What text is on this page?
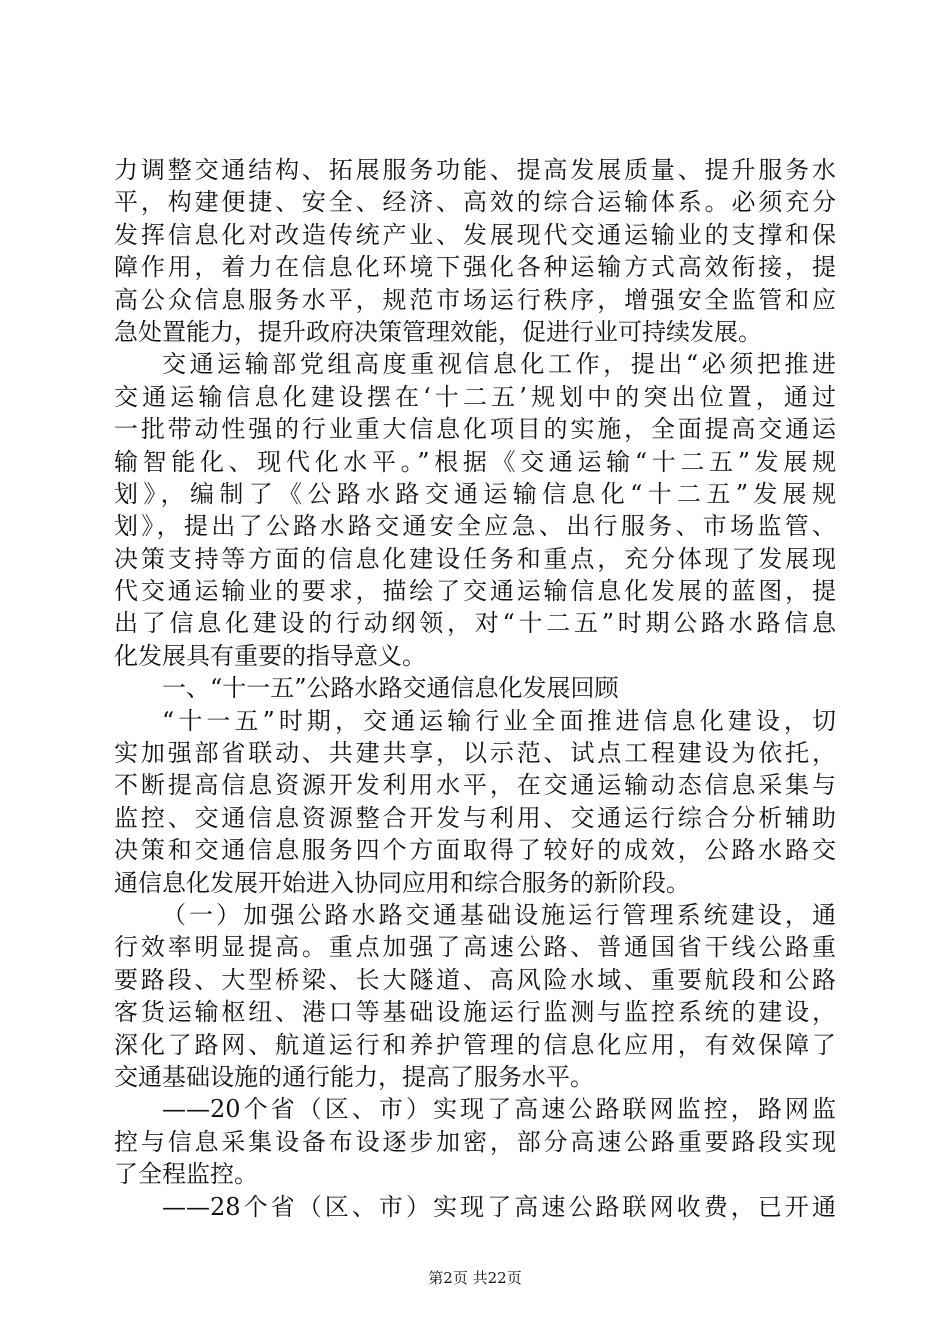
力调整交通结构、拓展服务功能、提高发展质量、提升服务水
平，构建便捷、安全、经济、高效的综合运输体系。必须充分
发挥信息化对改造传统产业、发展现代交通运输业的支撑和保
障作用，着力在信息化环境下强化各种运输方式高效衔接，提
高公众信息服务水平，规范市场运行秩序，增强安全监管和应
急处置能力，提升政府决策管理效能，促进行业可持续发展。
交通运输部党组高度重视信息化工作，提出“必须把推进
交通运输信息化建设摆在‘十二五’规划中的突出位置，通过
一批带动性强的行业重大信息化项目的实施，全面提高交通运
输智能化、现代化水平。”根据《交通运输“十二五”发展规
划》，编制了《公路水路交通运输信息化“十二五”发展规
划》，提出了公路水路交通安全应急、出行服务、市场监管、
决策支持等方面的信息化建设任务和重点，充分体现了发展现
代交通运输业的要求，描绘了交通运输信息化发展的蓝图，提
出了信息化建设的行动纲领，对“十二五”时期公路水路信息
化发展具有重要的指导意义。
一、“十一五”公路水路交通信息化发展回顾
“十一五”时期，交通运输行业全面推进信息化建设，切
实加强部省联动、共建共享，以示范、试点工程建设为依托，
不断提高信息资源开发利用水平，在交通运输动态信息采集与
监控、交通信息资源整合开发与利用、交通运行综合分析辅助
决策和交通信息服务四个方面取得了较好的成效，公路水路交
通信息化发展开始进入协同应用和综合服务的新阶段。
（一）加强公路水路交通基础设施运行管理系统建设，通
行效率明显提高。重点加强了高速公路、普通国省干线公路重
要路段、大型桥梁、长大隧道、高风险水域、重要航段和公路
客货运输枢纽、港口等基础设施运行监测与监控系统的建设，
深化了路网、航道运行和养护管理的信息化应用，有效保障了
交通基础设施的通行能力，提高了服务水平。
——20个省（区、市）实现了高速公路联网监控，路网监
控与信息采集设备布设逐步加密，部分高速公路重要路段实现
了全程监控。
——28个省（区、市）实现了高速公路联网收费，已开通
第2页 共22页
